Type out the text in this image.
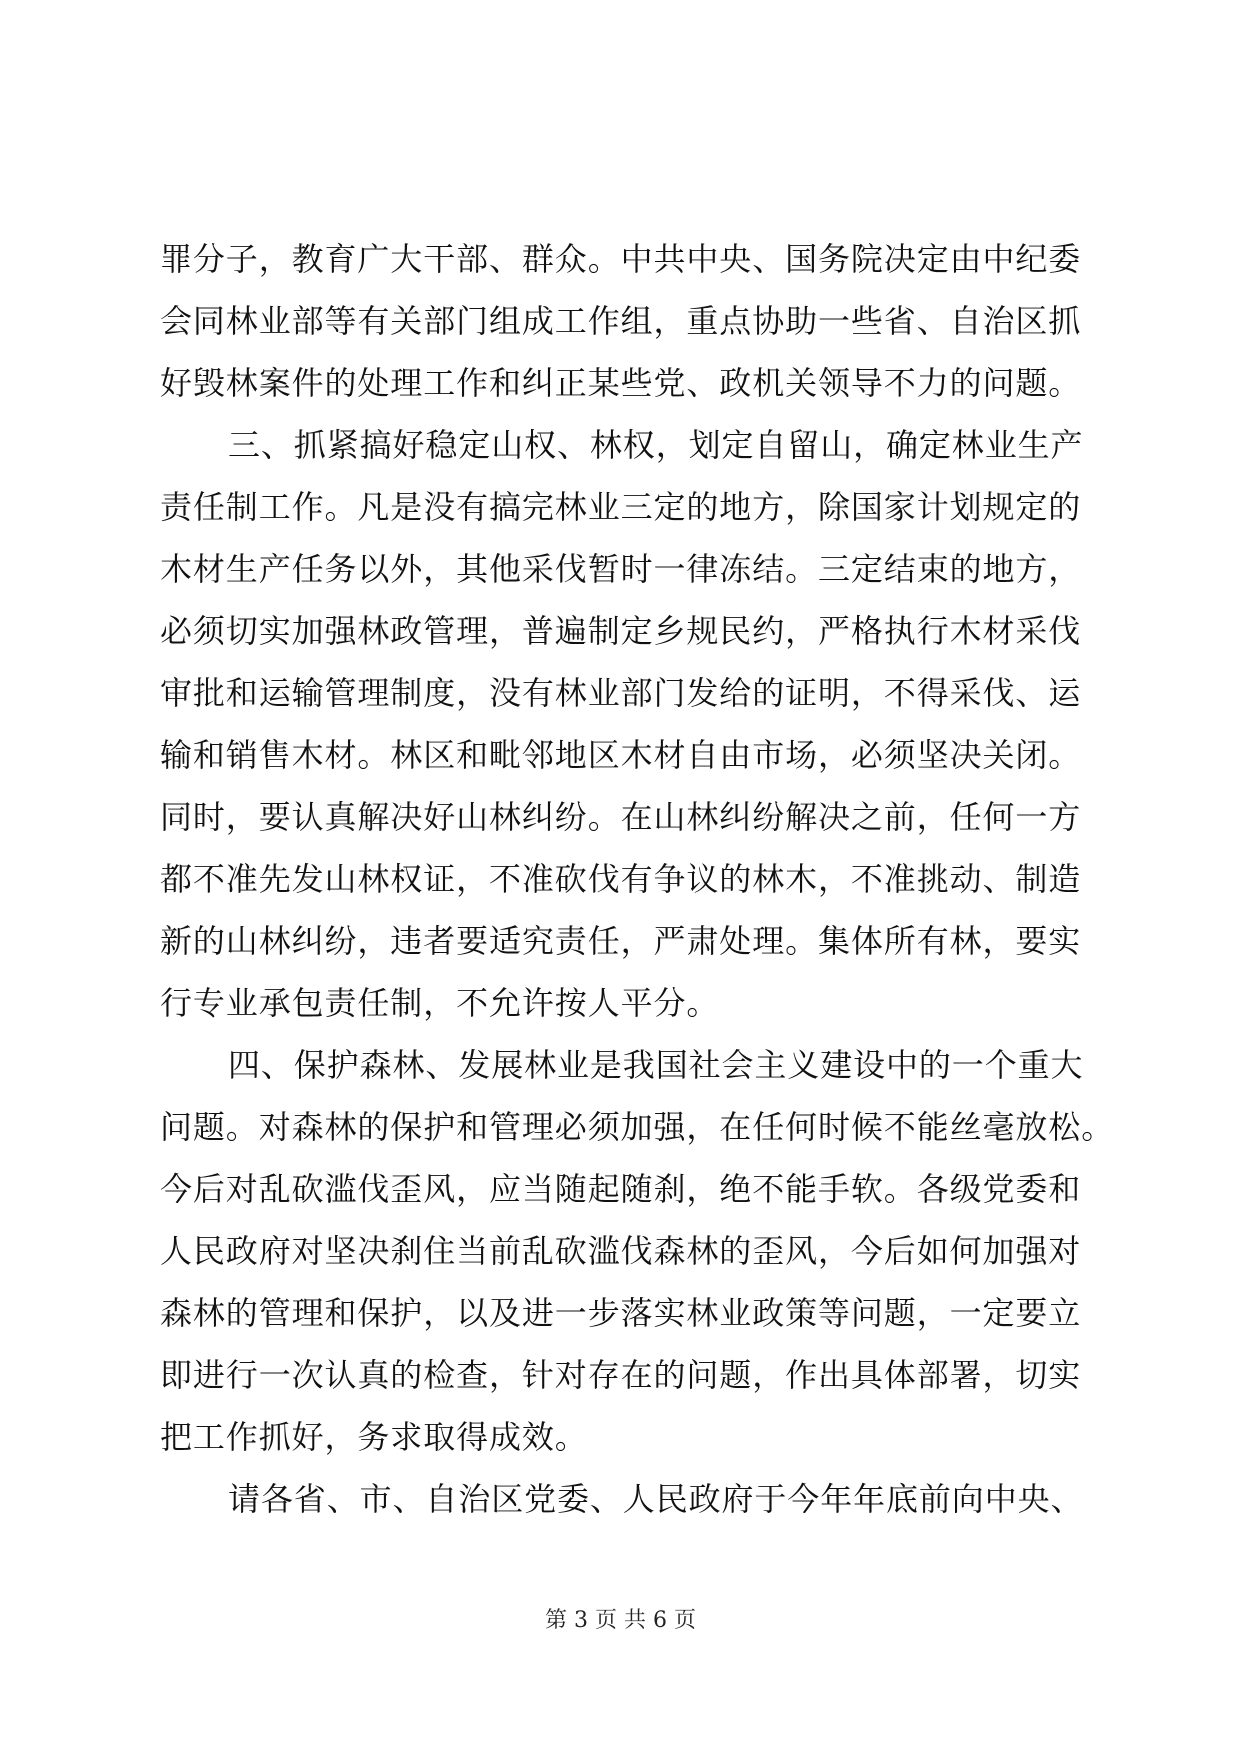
罪分子，教育广大干部、群众。中共中央、国务院决定由中纪委
会同林业部等有关部门组成工作组，重点协助一些省、自治区抓
好毁林案件的处理工作和纠正某些党、政机关领导不力的问题。
三、抓紧搞好稳定山权、林权，划定自留山，确定林业生产
责任制工作。凡是没有搞完林业三定的地方，除国家计划规定的
木材生产任务以外，其他采伐暂时一律冻结。三定结束的地方，
必须切实加强林政管理，普遍制定乡规民约，严格执行木材采伐
审批和运输管理制度，没有林业部门发给的证明，不得采伐、运
输和销售木材。林区和毗邻地区木材自由市场，必须坚决关闭。
同时，要认真解决好山林纠纷。在山林纠纷解决之前，任何一方
都不准先发山林权证，不准砍伐有争议的林木，不准挑动、制造
新的山林纠纷，违者要适究责任，严肃处理。集体所有林，要实
行专业承包责任制，不允许按人平分。
四、保护森林、发展林业是我国社会主义建设中的一个重大
问题。对森林的保护和管理必须加强，在任何时候不能丝毫放松。
今后对乱砍滥伐歪风，应当随起随刹，绝不能手软。各级党委和
人民政府对坚决刹住当前乱砍滥伐森林的歪风，今后如何加强对
森林的管理和保护，以及进一步落实林业政策等问题，一定要立
即进行一次认真的检查，针对存在的问题，作出具体部署，切实
把工作抓好，务求取得成效。
请各省、市、自治区党委、人民政府于今年年底前向中央、
第 3 页 共 6 页
